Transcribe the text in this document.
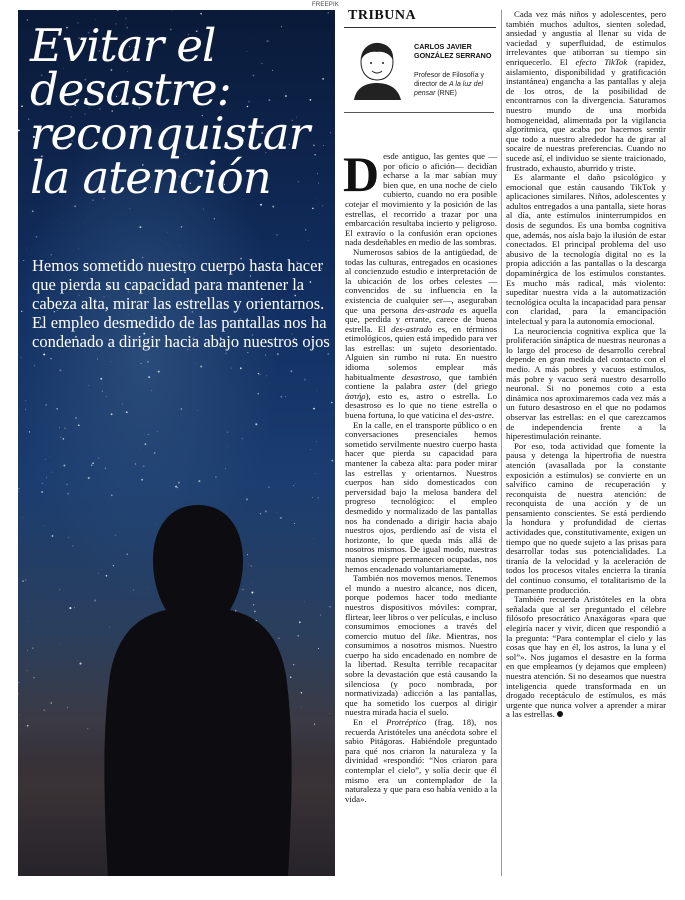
FREEPIK
Evitar el desastre: reconquistar la atención
Hemos sometido nuestro cuerpo hasta hacer que pierda su capacidad para mantener la cabeza alta, mirar las estrellas y orientarnos. El empleo desmedido de las pantallas nos ha condenado a dirigir hacia abajo nuestros ojos
TRIBUNA
CARLOS JAVIER GONZÁLEZ SERRANO
Profesor de Filosofía y director de A la luz del pensar (RNE)

Desde antiguo, las gentes que —por oficio o afición— decidían echarse a la mar sabían muy bien que, en una noche de cielo cubierto, cuando no era posible cotejar el movimiento y la posición de las estrellas, el recorrido a trazar por una embarcación resultaba incierto y peligroso. El extravío o la confusión eran opciones nada desdeñables en medio de las sombras.

Numerosos sabios de la antigüedad, de todas las culturas, entregados en ocasiones al concienzudo estudio e interpretación de la ubicación de los orbes celestes —convencidos de su influencia en la existencia de cualquier ser—, aseguraban que una persona des-astrada es aquella que, perdida y errante, carece de buena estrella. El des-astrado es, en términos etimológicos, quien está impedido para ver las estrellas: un sujeto desorientado. Alguien sin rumbo ni ruta. En nuestro idioma solemos emplear más habitualmente desastroso, que también contiene la palabra aster (del griego ἀστήρ), esto es, astro o estrella. Lo desastroso es lo que no tiene estrella o buena fortuna, lo que vaticina el des-astre.

En la calle, en el transporte público o en conversaciones presenciales hemos sometido servilmente nuestro cuerpo hasta hacer que pierda su capacidad para mantener la cabeza alta: para poder mirar las estrellas y orientarnos. Nuestros cuerpos han sido domesticados con perversidad bajo la melosa bandera del progreso tecnológico: el empleo desmedido y normalizado de las pantallas nos ha condenado a dirigir hacia abajo nuestros ojos, perdiendo así de vista el horizonte, lo que queda más allá de nosotros mismos. De igual modo, nuestras manos siempre permanecen ocupadas, nos hemos encadenado voluntariamente.

También nos movemos menos. Tenemos el mundo a nuestro alcance, nos dicen, porque podemos hacer todo mediante nuestros dispositivos móviles: comprar, flirtear, leer libros o ver películas, e incluso consumimos emociones a través del comercio mutuo del like. Mientras, nos consumimos a nosotros mismos. Nuestro cuerpo ha sido encadenado en nombre de la libertad. Resulta terrible recapacitar sobre la devastación que está causando la silenciosa (y poco nombrada, por normativizada) adicción a las pantallas, que ha sometido los cuerpos al dirigir nuestra mirada hacia el suelo.

En el Protréptico (frag. 18), nos recuerda Aristóteles una anécdota sobre el sabio Pitágoras. Habiéndole preguntado para qué nos criaron la naturaleza y la divinidad «respondió: “Nos criaron para contemplar el cielo”, y solía decir que él mismo era un contemplador de la naturaleza y que para eso había venido a la vida».

Cada vez más niños y adolescentes, pero también muchos adultos, sienten soledad, ansiedad y angustia al llenar su vida de vaciedad y superfluidad, de estímulos irrelevantes que atiborran su tiempo sin enriquecerlo. El efecto TikTok (rapidez, aislamiento, disponibilidad y gratificación instantánea) engancha a las pantallas y aleja de los otros, de la posibilidad de encontrarnos con la divergencia. Saturamos nuestro mundo de una morbida homogeneidad, alimentada por la vigilancia algorítmica, que acaba por hacernos sentir que todo a nuestro alrededor ha de girar al socaire de nuestras preferencias. Cuando no sucede así, el individuo se siente traicionado, frustrado, exhausto, aburrido y triste.

Es alarmante el daño psicológico y emocional que están causando TikTok y aplicaciones similares. Niños, adolescentes y adultos entregados a una pantalla, siete horas al día, ante estímulos ininterrumpidos en dosis de segundos. Es una bomba cognitiva que, además, nos aísla bajo la ilusión de estar conectados. El principal problema del uso abusivo de la tecnología digital no es la propia adicción a las pantallas o la descarga dopaminérgica de los estímulos constantes. Es mucho más radical, más violento: supeditar nuestra vida a la automatización tecnológica oculta la incapacidad para pensar con claridad, para la emancipación intelectual y para la autonomía emocional.

La neurociencia cognitiva explica que la proliferación sináptica de nuestras neuronas a lo largo del proceso de desarrollo cerebral depende en gran medida del contacto con el medio. A más pobres y vacuos estímulos, más pobre y vacuo será nuestro desarrollo neuronal. Si no ponemos coto a esta dinámica nos aproximaremos cada vez más a un futuro desastroso en el que no podamos observar las estrellas: en el que carezcamos de independencia frente a la hiperestimulación reinante.

Por eso, toda actividad que fomente la pausa y detenga la hipertrofia de nuestra atención (avasallada por la constante exposición a estímulos) se convierte en un salvífico camino de recuperación y reconquista de nuestra atención: de reconquista de una acción y de un pensamiento conscientes. Se está perdiendo la hondura y profundidad de ciertas actividades que, constitutivamente, exigen un tiempo que no quede sujeto a las prisas para desarrollar todas sus potencialidades. La tiranía de la velocidad y la aceleración de todos los procesos vitales encierra la tiranía del continuo consumo, el totalitarismo de la permanente producción.

También recuerda Aristóteles en la obra señalada que al ser preguntado el célebre filósofo presocrático Anaxágoras «para que elegiría nacer y vivir, dicen que respondió a la pregunta: “Para contemplar el cielo y las cosas que hay en él, los astros, la luna y el sol”». Nos jugamos el desastre en la forma en que empleamos (y dejamos que empleen) nuestra atención. Si no deseamos que nuestra inteligencia quede transformada en un drogado receptáculo de estímulos, es más urgente que nunca volver a aprender a mirar a las estrellas.
